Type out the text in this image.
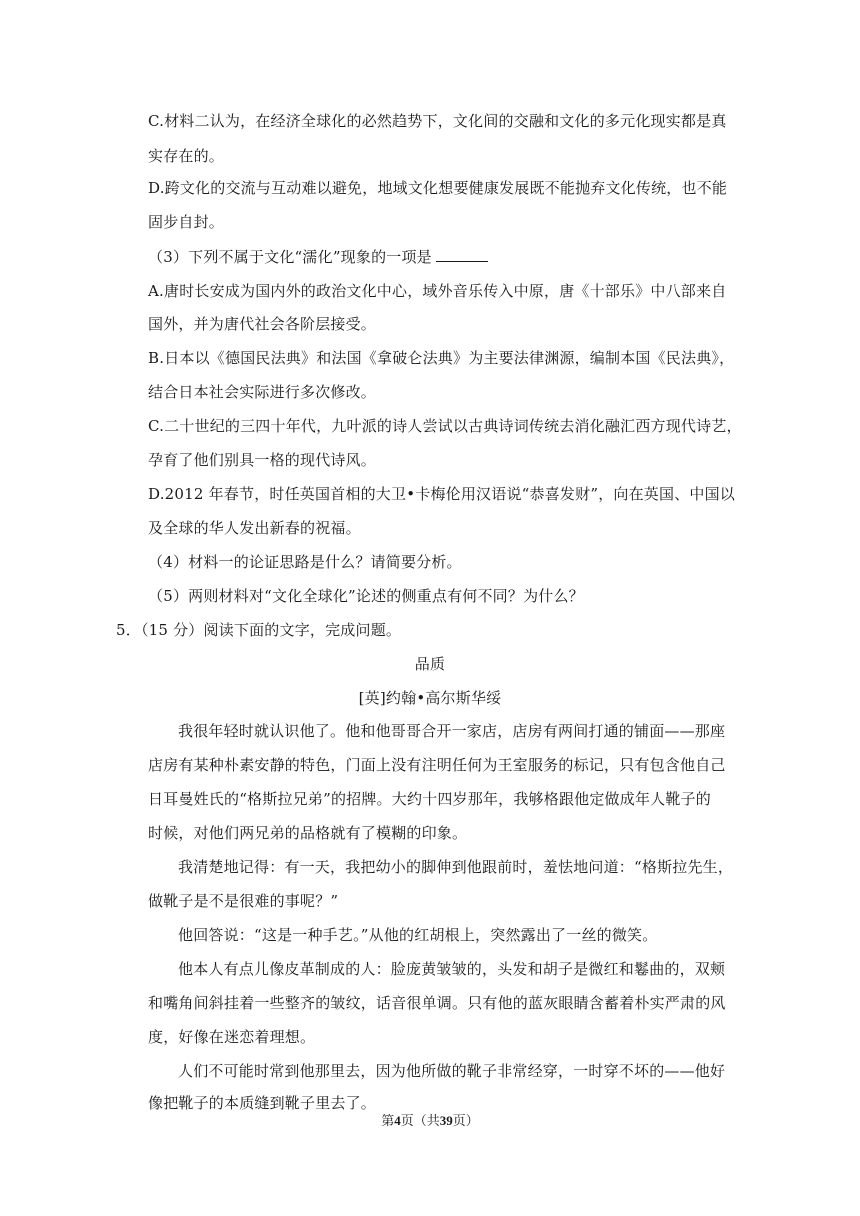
C.材料二认为，在经济全球化的必然趋势下，文化间的交融和文化的多元化现实都是真
实存在的。
D.跨文化的交流与互动难以避免，地域文化想要健康发展既不能抛弃文化传统，也不能
固步自封。
（3）下列不属于文化“濡化”现象的一项是
A.唐时长安成为国内外的政治文化中心，域外音乐传入中原，唐《十部乐》中八部来自
国外，并为唐代社会各阶层接受。
B.日本以《德国民法典》和法国《拿破仑法典》为主要法律渊源，编制本国《民法典》，
结合日本社会实际进行多次修改。
C.二十世纪的三四十年代，九叶派的诗人尝试以古典诗词传统去消化融汇西方现代诗艺，
孕育了他们别具一格的现代诗风。
D.2012 年春节，时任英国首相的大卫•卡梅伦用汉语说“恭喜发财”，向在英国、中国以
及全球的华人发出新春的祝福。
（4）材料一的论证思路是什么？请简要分析。
（5）两则材料对“文化全球化”论述的侧重点有何不同？为什么？
5．（15 分）阅读下面的文字，完成问题。
品质
[英]约翰•高尔斯华绥
我很年轻时就认识他了。他和他哥哥合开一家店，店房有两间打通的铺面——那座
店房有某种朴素安静的特色，门面上没有注明任何为王室服务的标记，只有包含他自己
日耳曼姓氏的“格斯拉兄弟”的招牌。大约十四岁那年，我够格跟他定做成年人靴子的
时候，对他们两兄弟的品格就有了模糊的印象。
我清楚地记得：有一天，我把幼小的脚伸到他跟前时，羞怯地问道：“格斯拉先生，
做靴子是不是很难的事呢？”
他回答说：“这是一种手艺。”从他的红胡根上，突然露出了一丝的微笑。
他本人有点儿像皮革制成的人：脸庞黄皱皱的，头发和胡子是微红和鬈曲的，双颊
和嘴角间斜挂着一些整齐的皱纹，话音很单调。只有他的蓝灰眼睛含蓄着朴实严肃的风
度，好像在迷恋着理想。
人们不可能时常到他那里去，因为他所做的靴子非常经穿，一时穿不坏的——他好
像把靴子的本质缝到靴子里去了。
第4页（共39页）
